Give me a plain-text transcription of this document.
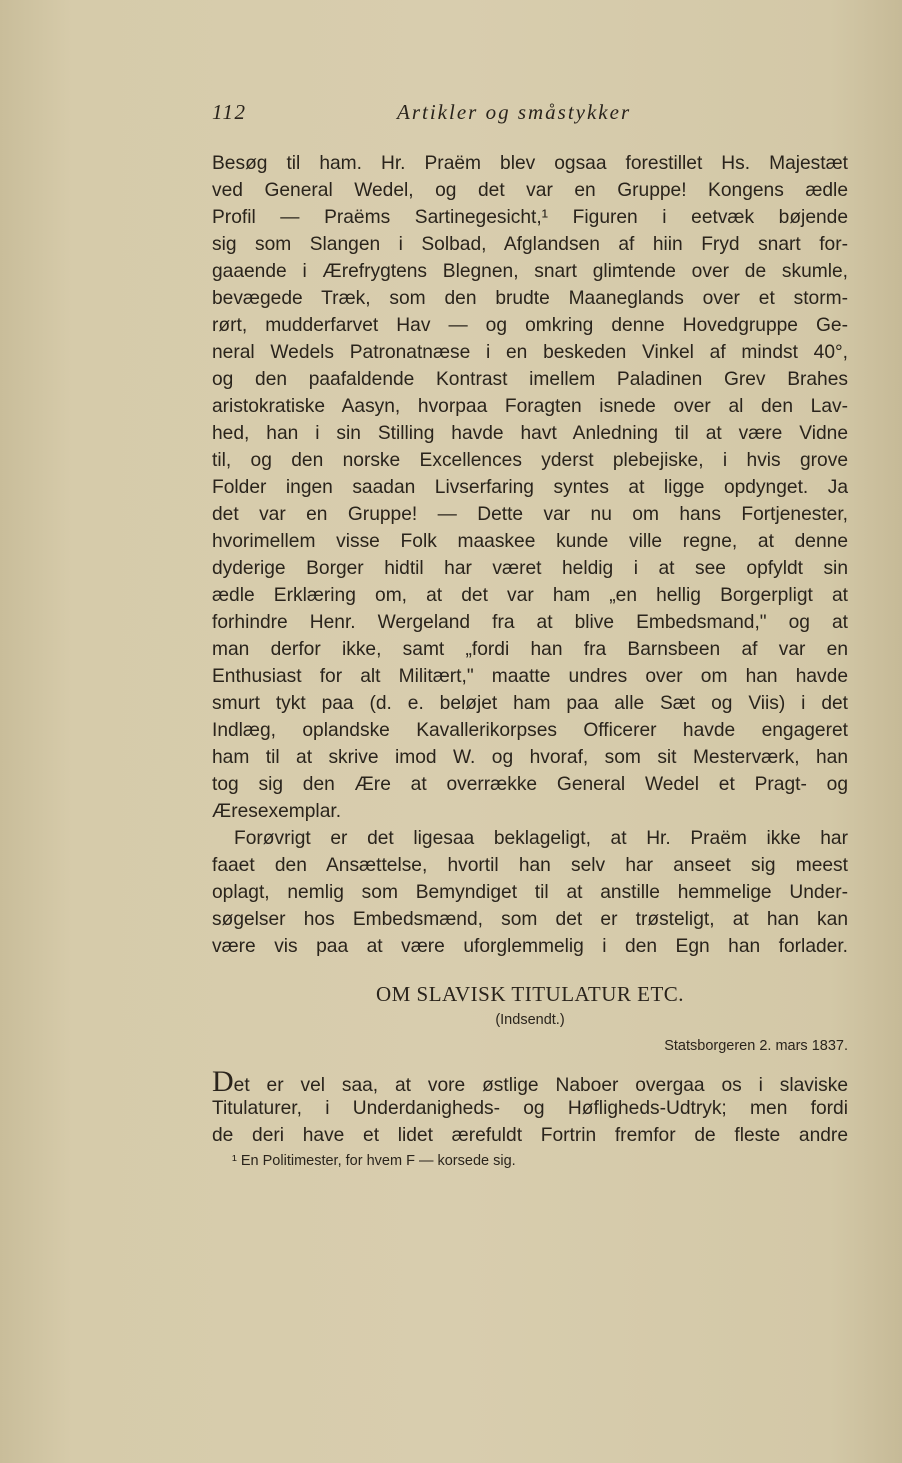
112	Artikler og småstykker
Besøg til ham. Hr. Praëm blev ogsaa forestillet Hs. Majestæt
ved General Wedel, og det var en Gruppe! Kongens ædle
Profil — Praëms Sartinegesicht,¹ Figuren i eetvæk bøjende
sig som Slangen i Solbad, Afglandsen af hiin Fryd snart for-
gaaende i Ærefrygtens Blegnen, snart glimtende over de skumle,
bevægede Træk, som den brudte Maaneglands over et storm-
rørt, mudderfarvet Hav — og omkring denne Hovedgruppe Ge-
neral Wedels Patronatnæse i en beskeden Vinkel af mindst 40°,
og den paafaldende Kontrast imellem Paladinen Grev Brahes
aristokratiske Aasyn, hvorpaa Foragten isnede over al den Lav-
hed, han i sin Stilling havde havt Anledning til at være Vidne
til, og den norske Excellences yderst plebejiske, i hvis grove
Folder ingen saadan Livserfaring syntes at ligge opdynget. Ja
det var en Gruppe! — Dette var nu om hans Fortjenester,
hvorimellem visse Folk maaskee kunde ville regne, at denne
dyderige Borger hidtil har været heldig i at see opfyldt sin
ædle Erklæring om, at det var ham „en hellig Borgerpligt at
forhindre Henr. Wergeland fra at blive Embedsmand," og at
man derfor ikke, samt „fordi han fra Barnsbeen af var en
Enthusiast for alt Militært," maatte undres over om han havde
smurt tykt paa (d. e. beløjet ham paa alle Sæt og Viis) i det
Indlæg, oplandske Kavallerikorpses Officerer havde engageret
ham til at skrive imod W. og hvoraf, som sit Mesterværk, han
tog sig den Ære at overrække General Wedel et Pragt- og
Æresexemplar.
Forøvrigt er det ligesaa beklageligt, at Hr. Praëm ikke har
faaet den Ansættelse, hvortil han selv har anseet sig meest
oplagt, nemlig som Bemyndiget til at anstille hemmelige Under-
søgelser hos Embedsmænd, som det er trøsteligt, at han kan
være vis paa at være uforglemmelig i den Egn han forlader.
OM SLAVISK TITULATUR ETC.
(Indsendt.)
Statsborgeren 2. mars 1837.
Det er vel saa, at vore østlige Naboer overgaa os i slaviske
Titulaturer, i Underdanigheds- og Høfligheds-Udtryk; men fordi
de deri have et lidet ærefuldt Fortrin fremfor de fleste andre
¹ En Politimester, for hvem F — korsede sig.
